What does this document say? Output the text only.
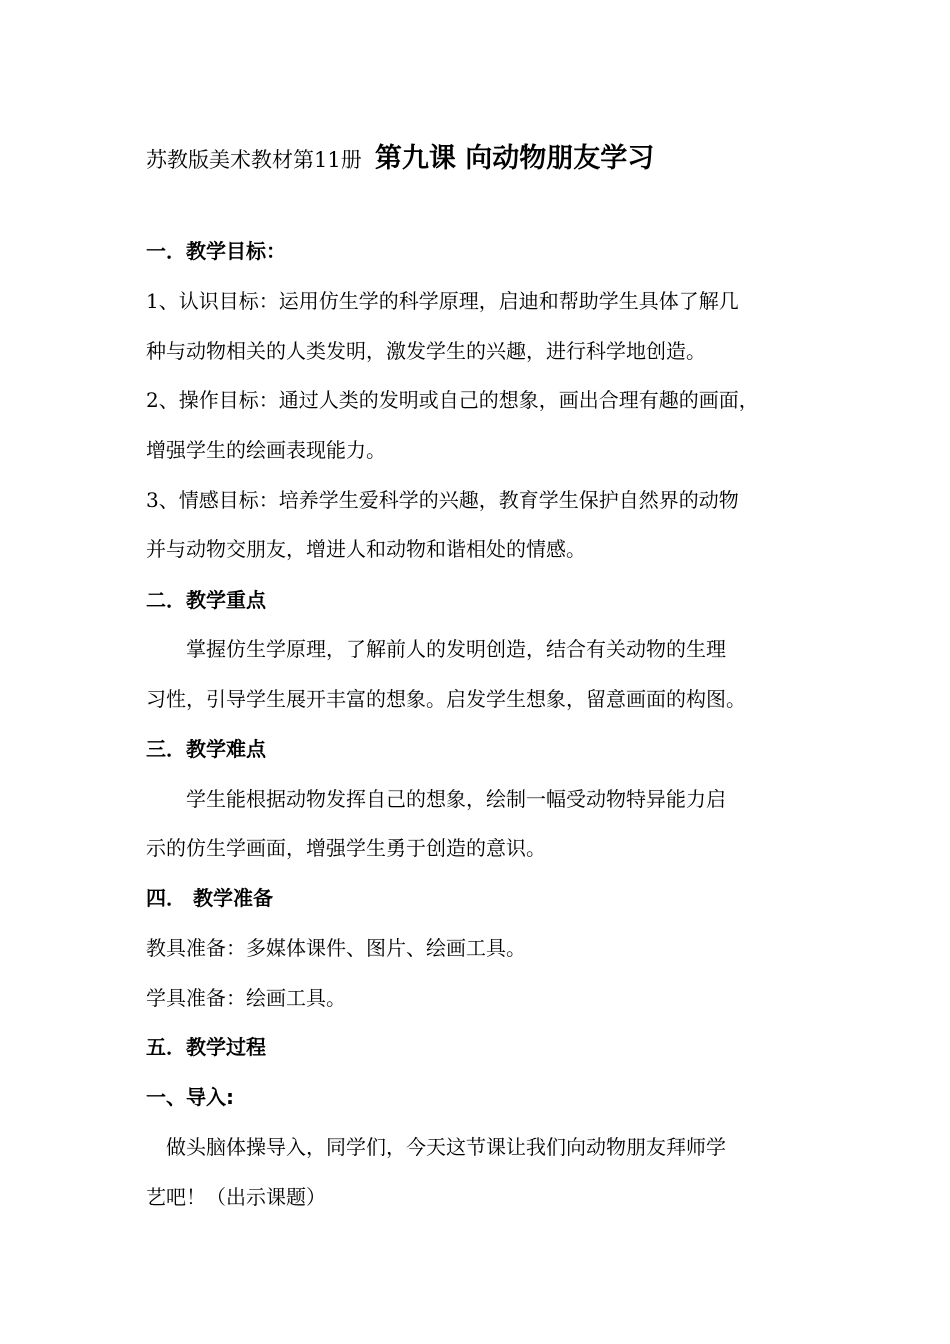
苏教版美术教材第11册 第九课 向动物朋友学习
一．教学目标：
1、认识目标：运用仿生学的科学原理，启迪和帮助学生具体了解几
种与动物相关的人类发明，激发学生的兴趣，进行科学地创造。
2、操作目标：通过人类的发明或自己的想象，画出合理有趣的画面，
增强学生的绘画表现能力。
3、情感目标：培养学生爱科学的兴趣，教育学生保护自然界的动物
并与动物交朋友，增进人和动物和谐相处的情感。
二．教学重点
掌握仿生学原理，了解前人的发明创造，结合有关动物的生理
习性，引导学生展开丰富的想象。启发学生想象，留意画面的构图。
三．教学难点
学生能根据动物发挥自己的想象，绘制一幅受动物特异能力启
示的仿生学画面，增强学生勇于创造的意识。
四． 教学准备
教具准备：多媒体课件、图片、绘画工具。
学具准备：绘画工具。
五．教学过程
一、导入:
做头脑体操导入，同学们，今天这节课让我们向动物朋友拜师学
艺吧！（出示课题）
